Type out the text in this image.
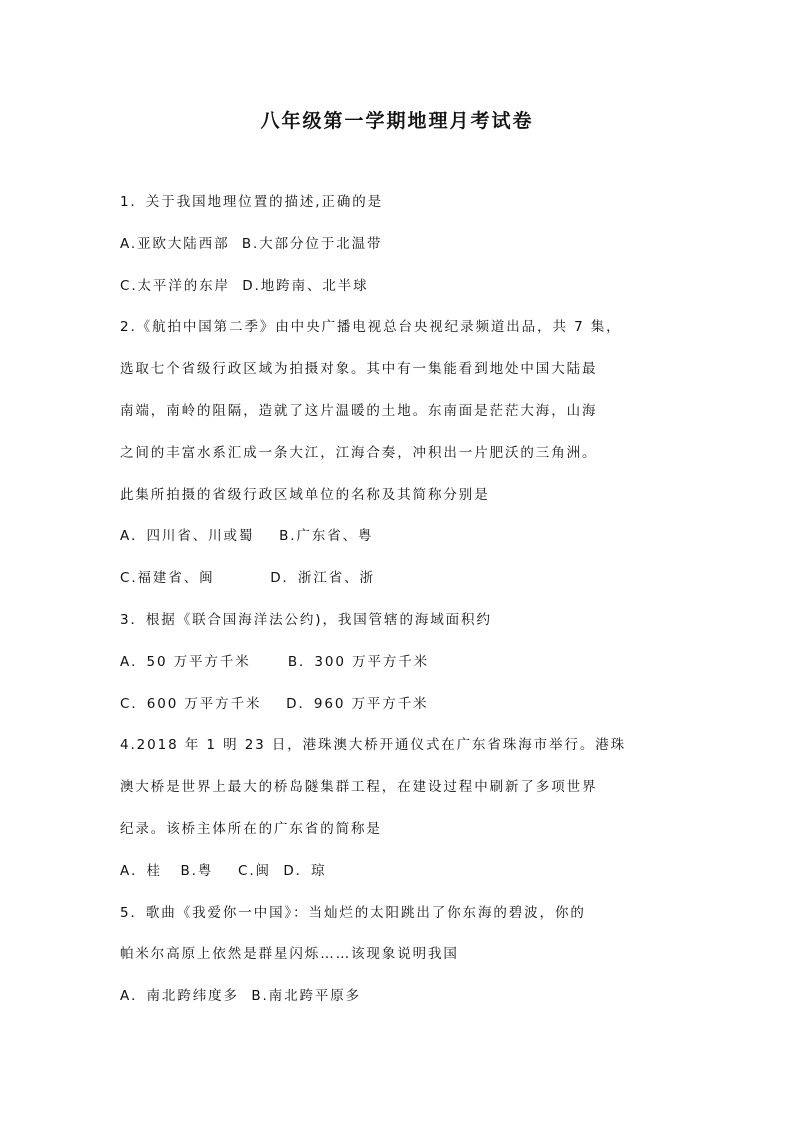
八年级第一学期地理月考试卷
1．关于我国地理位置的描述,正确的是
A.亚欧大陆西部  B.大部分位于北温带
C.太平洋的东岸  D.地跨南、北半球
2.《航拍中国第二季》由中央广播电视总台央视纪录频道出品，共 7 集，
选取七个省级行政区域为拍摄对象。其中有一集能看到地处中国大陆最
南端，南岭的阻隔，造就了这片温暖的土地。东南面是茫茫大海，山海
之间的丰富水系汇成一条大江，江海合奏，冲积出一片肥沃的三角洲。
此集所拍摄的省级行政区域单位的名称及其简称分别是
A．四川省、川或蜀    B.广东省、粤
C.福建省、闽         D．浙江省、浙
3．根据《联合国海洋法公约)，我国管辖的海域面积约
A．50 万平方千米      B．300 万平方千米
C．600 万平方千米    D．960 万平方千米
4.2018 年 1 明 23 日，港珠澳大桥开通仪式在广东省珠海市举行。港珠
澳大桥是世界上最大的桥岛隧集群工程，在建设过程中刷新了多项世界
纪录。该桥主体所在的广东省的简称是
A．桂   B.粤    C.闽  D．琼
5．歌曲《我爱你一中国》：当灿烂的太阳跳出了你东海的碧波，你的
帕米尔高原上依然是群星闪烁……该现象说明我国
A．南北跨纬度多  B.南北跨平原多
